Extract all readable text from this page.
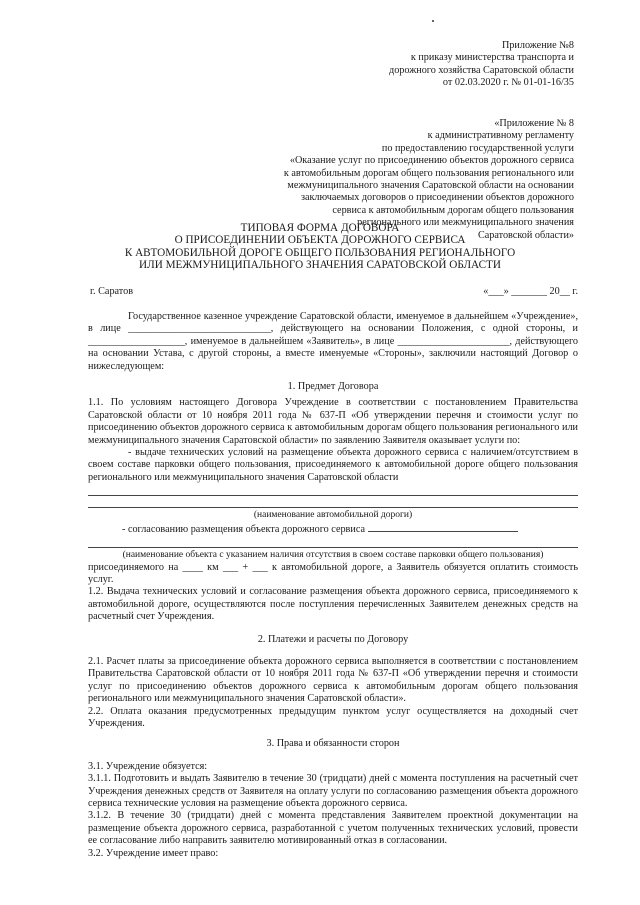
Приложение №8
к приказу министерства транспорта и
дорожного хозяйства Саратовской области
от 02.03.2020 г. № 01-01-16/35
«Приложение № 8
к административному регламенту
по предоставлению государственной услуги
«Оказание услуг по присоединению объектов дорожного сервиса
к автомобильным дорогам общего пользования регионального или
межмуниципального значения Саратовской области на основании
заключаемых договоров о присоединении объектов дорожного
сервиса к автомобильным дорогам общего пользования
регионального или межмуниципального значения
Саратовской области»
ТИПОВАЯ ФОРМА ДОГОВОРА
О ПРИСОЕДИНЕНИИ ОБЪЕКТА ДОРОЖНОГО СЕРВИСА
К АВТОМОБИЛЬНОЙ ДОРОГЕ ОБЩЕГО ПОЛЬЗОВАНИЯ РЕГИОНАЛЬНОГО
ИЛИ МЕЖМУНИЦИПАЛЬНОГО ЗНАЧЕНИЯ САРАТОВСКОЙ ОБЛАСТИ
г. Саратов	«___» _______ 20__ г.

Государственное казенное учреждение Саратовской области, именуемое в дальнейшем «Учреждение», в лице ____________________________, действующего на основании Положения, с одной стороны, и ___________________, именуемое в дальнейшем «Заявитель», в лице ______________________, действующего на основании Устава, с другой стороны, а вместе именуемые «Стороны», заключили настоящий Договор о нижеследующем:

1. Предмет Договора

1.1. По условиям настоящего Договора Учреждение в соответствии с постановлением Правительства Саратовской области от 10 ноября 2011 года № 637-П «Об утверждении перечня и стоимости услуг по присоединению объектов дорожного сервиса к автомобильным дорогам общего пользования регионального или межмуниципального значения Саратовской области» по заявлению Заявителя оказывает услуги по:

- выдаче технических условий на размещение объекта дорожного сервиса с наличием/отсутствием в своем составе парковки общего пользования, присоединяемого к автомобильной дороге общего пользования регионального или межмуниципального значения Саратовской области

(наименование автомобильной дороги)

- согласованию размещения объекта дорожного сервиса

(наименование объекта с указанием наличия отсутствия в своем составе парковки общего пользования)

присоединяемого на ____ км ___ + ___ к автомобильной дороге, а Заявитель обязуется оплатить стоимость услуг.

1.2. Выдача технических условий и согласование размещения объекта дорожного сервиса, присоединяемого к автомобильной дороге, осуществляются после поступления перечисленных Заявителем денежных средств на расчетный счет Учреждения.

2. Платежи и расчеты по Договору

2.1. Расчет платы за присоединение объекта дорожного сервиса выполняется в соответствии с постановлением Правительства Саратовской области от 10 ноября 2011 года № 637-П «Об утверждении перечня и стоимости услуг по присоединению объектов дорожного сервиса к автомобильным дорогам общего пользования регионального или межмуниципального значения Саратовской области».

2.2. Оплата оказания предусмотренных предыдущим пунктом услуг осуществляется на доходный счет Учреждения.

3. Права и обязанности сторон

3.1. Учреждение обязуется:

3.1.1. Подготовить и выдать Заявителю в течение 30 (тридцати) дней с момента поступления на расчетный счет Учреждения денежных средств от Заявителя на оплату услуги по согласованию размещения объекта дорожного сервиса технические условия на размещение объекта дорожного сервиса.

3.1.2. В течение 30 (тридцати) дней с момента представления Заявителем проектной документации на размещение объекта дорожного сервиса, разработанной с учетом полученных технических условий, провести ее согласование либо направить заявителю мотивированный отказ в согласовании.

3.2. Учреждение имеет право:
